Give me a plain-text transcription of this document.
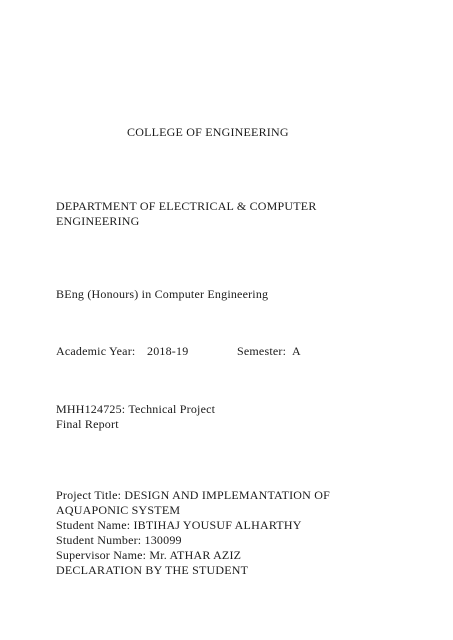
COLLEGE OF ENGINEERING
DEPARTMENT OF ELECTRICAL & COMPUTER
ENGINEERING
BEng (Honours) in Computer Engineering
Academic Year: 2018-19	Semester: A
MHH124725: Technical Project
Final Report
Project Title: DESIGN AND IMPLEMANTATION OF
AQUAPONIC SYSTEM
Student Name: IBTIHAJ YOUSUF ALHARTHY
Student Number: 130099
Supervisor Name: Mr. ATHAR AZIZ
DECLARATION BY THE STUDENT
